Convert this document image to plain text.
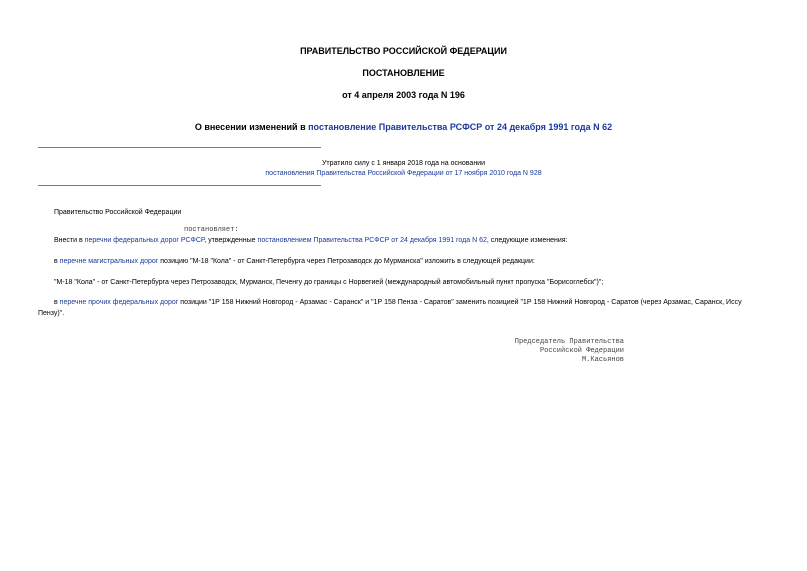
ПРАВИТЕЛЬСТВО РОССИЙСКОЙ ФЕДЕРАЦИИ
ПОСТАНОВЛЕНИЕ
от 4 апреля 2003 года N 196
О внесении изменений в постановление Правительства РСФСР от 24 декабря 1991 года N 62
Утратило силу с 1 января 2018 года на основании
постановления Правительства Российской Федерации от 17 ноября 2010 года N 928
Правительство Российской Федерации
постановляет:
Внести в перечни федеральных дорог РСФСР, утвержденные постановлением Правительства РСФСР от 24 декабря 1991 года N 62, следующие изменения:
в перечне магистральных дорог позицию "М-18 "Кола" - от Санкт-Петербурга через Петрозаводск до Мурманска" изложить в следующей редакции:
"М-18 "Кола" - от Санкт-Петербурга через Петрозаводск, Мурманск, Печенгу до границы с Норвегией (международный автомобильный пункт пропуска "Борисоглебск")";
в перечне прочих федеральных дорог позиции "1Р 158 Нижний Новгород - Арзамас - Саранск" и "1Р 158 Пенза - Саратов" заменить позицией "1Р 158 Нижний Новгород - Саратов (через Арзамас, Саранск, Иссу
Пензу)".
Председатель Правительства
Российской Федерации
М.Касьянов
